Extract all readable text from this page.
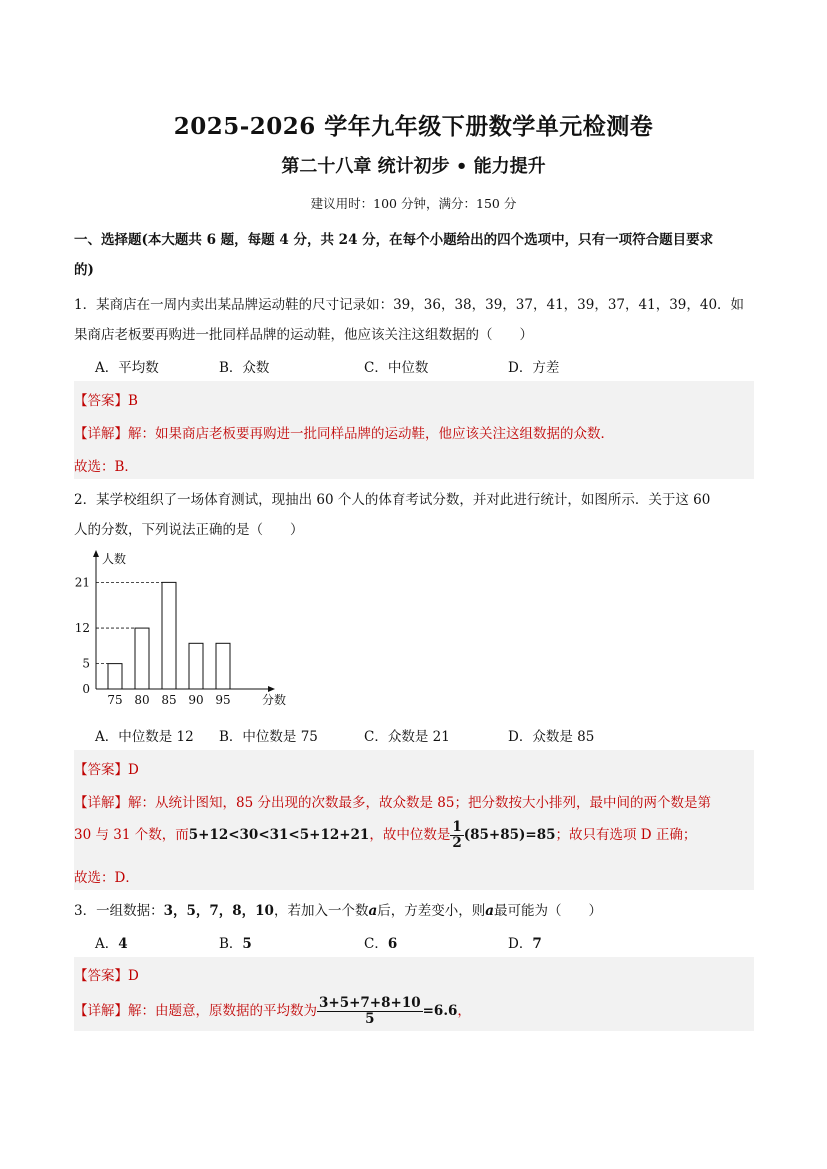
2025-2026 学年九年级下册数学单元检测卷
第二十八章 统计初步 • 能力提升
建议用时：100 分钟，满分：150 分
一、选择题(本大题共 6 题，每题 4 分，共 24 分，在每个小题给出的四个选项中，只有一项符合题目要求
的)
1．某商店在一周内卖出某品牌运动鞋的尺寸记录如：39，36，38，39，37，41，39，37，41，39，40．如
果商店老板要再购进一批同样品牌的运动鞋，他应该关注这组数据的（　　）
A．平均数	B．众数	C．中位数	D．方差
【答案】B
【详解】解：如果商店老板要再购进一批同样品牌的运动鞋，他应该关注这组数据的众数．
故选：B．
2．某学校组织了一场体育测试，现抽出 60 个人的体育考试分数，并对此进行统计，如图所示．关于这 60
人的分数，下列说法正确的是（　　）
75 80 85 90 95
0
5
12
21
人数
分数
A．中位数是 12 B．中位数是 75	C．众数是 21	D．众数是 85
【答案】D
【详解】解：从统计图知，85 分出现的次数最多，故众数是 85；把分数按大小排列，最中间的两个数是第
30 与 31 个数，而5+12<30<31<5+12+21，故中位数是 $\frac{1}{2} (85+85)=85$；故只有选项 D 正确；
故选：D．
3．一组数据：3，5，7，8，10，若加入一个数a后，方差变小，则a最可能为（　　）
A．4	B．5	C．6	D．7
【答案】D
【详解】解：由题意，原数据的平均数为 $\frac{3+5+7+8+10}{5} =6.6$，
